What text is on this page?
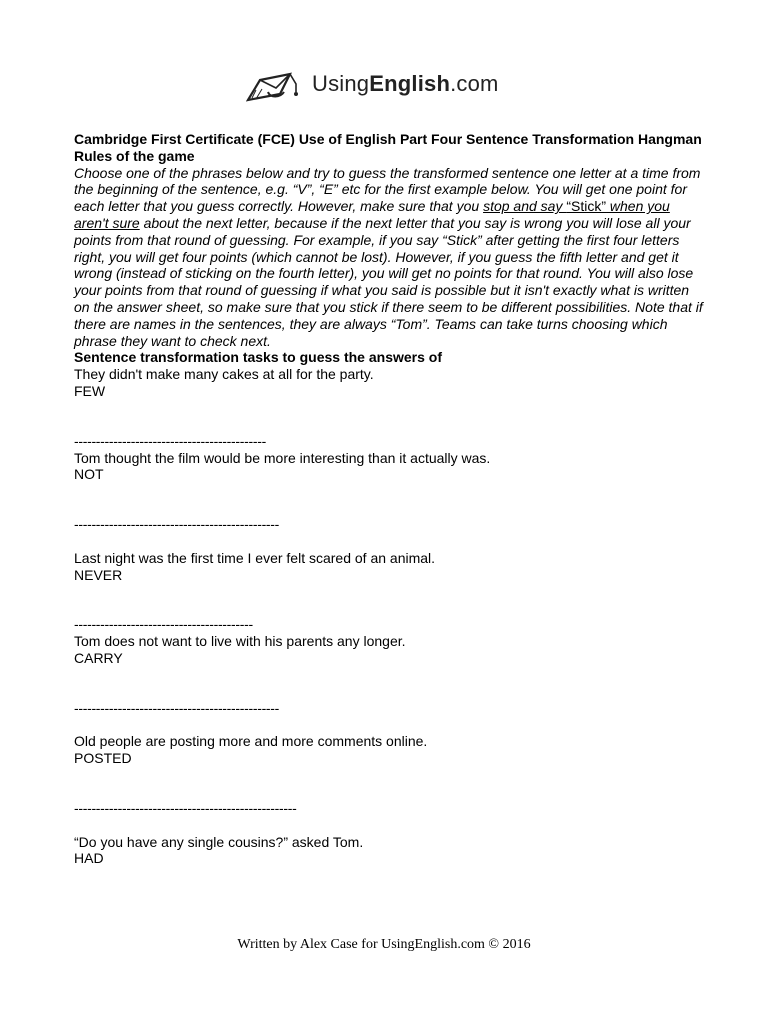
UsingEnglish.com

Cambridge First Certificate (FCE) Use of English Part Four Sentence Transformation Hangman

Rules of the game

Choose one of the phrases below and try to guess the transformed sentence one letter at a time from the beginning of the sentence, e.g. “V”, “E” etc for the first example below. You will get one point for each letter that you guess correctly. However, make sure that you stop and say “Stick” when you aren't sure about the next letter, because if the next letter that you say is wrong you will lose all your points from that round of guessing. For example, if you say “Stick” after getting the first four letters right, you will get four points (which cannot be lost). However, if you guess the fifth letter and get it wrong (instead of sticking on the fourth letter), you will get no points for that round. You will also lose your points from that round of guessing if what you said is possible but it isn't exactly what is written on the answer sheet, so make sure that you stick if there seem to be different possibilities. Note that if there are names in the sentences, they are always “Tom”. Teams can take turns choosing which phrase they want to check next.

Sentence transformation tasks to guess the answers of

They didn't make many cakes at all for the party.
FEW
--------------------------------------------
Tom thought the film would be more interesting than it actually was.
NOT
-----------------------------------------------
Last night was the first time I ever felt scared of an animal.
NEVER
-----------------------------------------
Tom does not want to live with his parents any longer.
CARRY
-----------------------------------------------
Old people are posting more and more comments online.
POSTED
---------------------------------------------------
“Do you have any single cousins?” asked Tom.
HAD
Written by Alex Case for UsingEnglish.com © 2016
